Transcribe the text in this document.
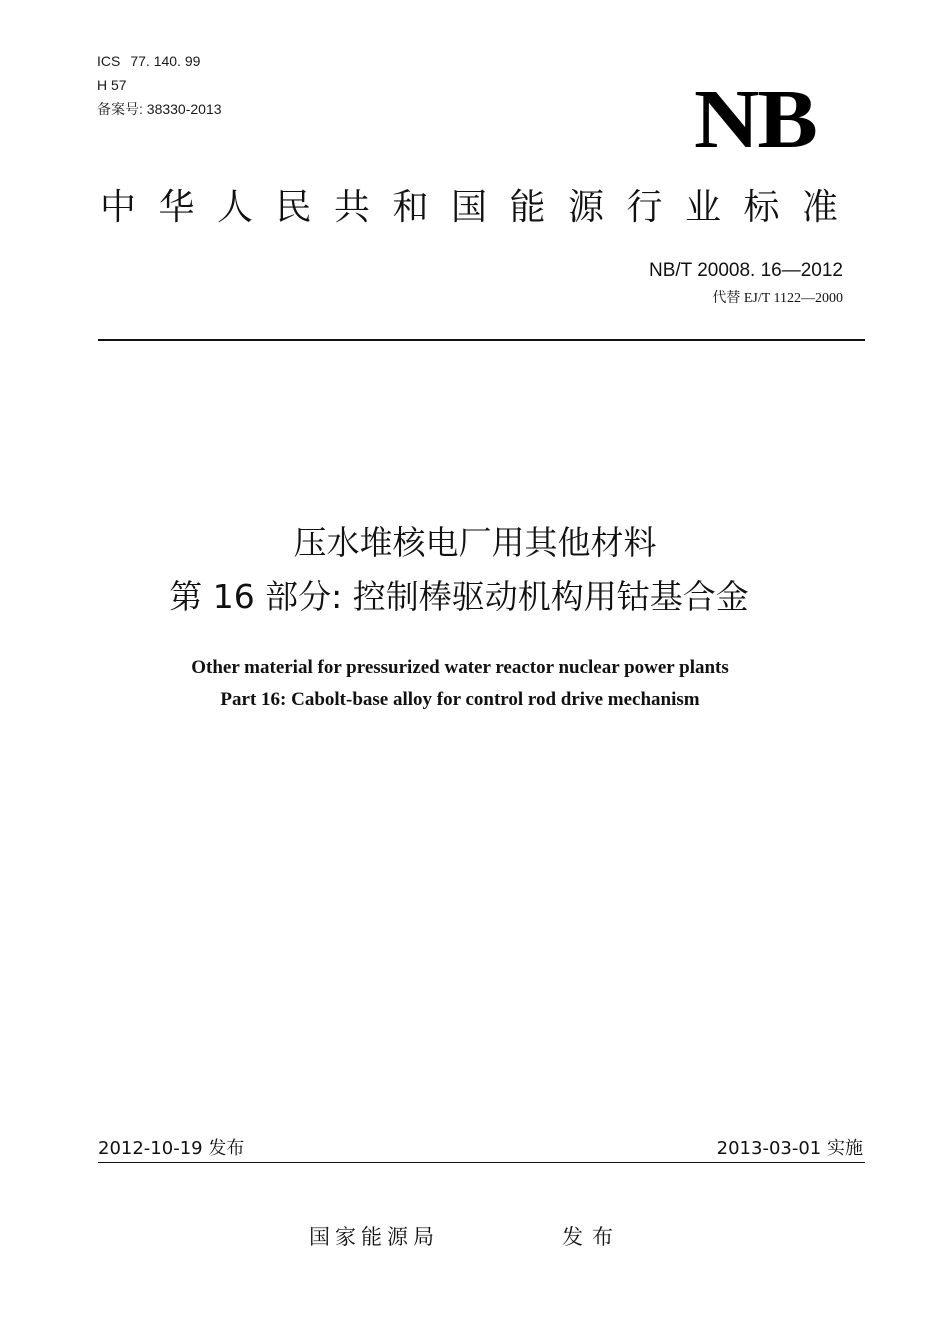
ICS 77. 140. 99
H 57
备案号: 38330-2013	NB
中华人民共和国能源行业标准
NB/T 20008. 16—2012
代替 EJ/T 1122—2000
压水堆核电厂用其他材料
第 16 部分: 控制棒驱动机构用钴基合金
Other material for pressurized water reactor nuclear power plants
Part 16: Cabolt-base alloy for control rod drive mechanism
2012-10-19 发布	2013-03-01 实施
国家能源局	发布
